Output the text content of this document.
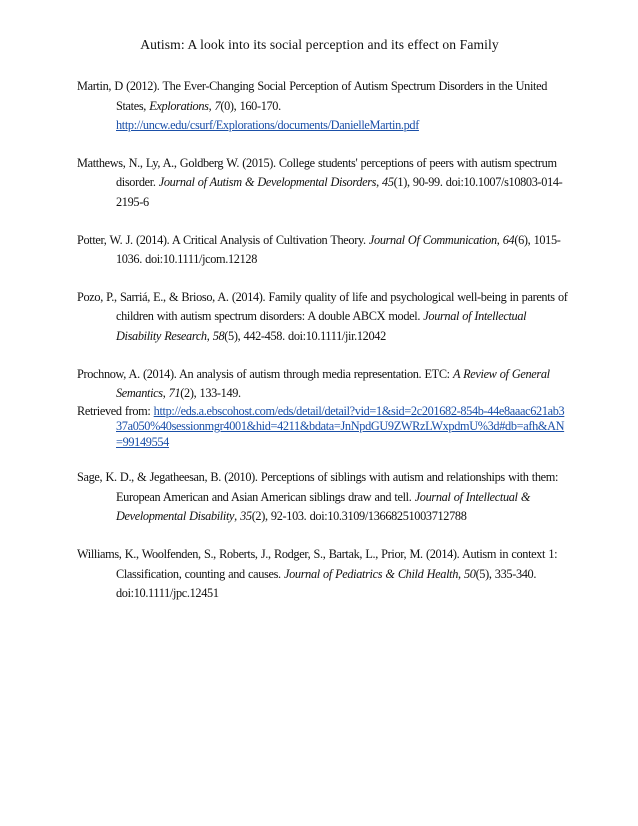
Autism: A look into its social perception and its effect on Family
Martin, D (2012). The Ever-Changing Social Perception of Autism Spectrum Disorders in the United States, Explorations, 7(0), 160-170.
http://uncw.edu/csurf/Explorations/documents/DanielleMartin.pdf
Matthews, N., Ly, A., Goldberg W. (2015). College students' perceptions of peers with autism spectrum disorder. Journal of Autism & Developmental Disorders, 45(1), 90-99. doi:10.1007/s10803-014-2195-6
Potter, W. J. (2014). A Critical Analysis of Cultivation Theory. Journal Of Communication, 64(6), 1015-1036. doi:10.1111/jcom.12128
Pozo, P., Sarriá, E., & Brioso, A. (2014). Family quality of life and psychological well‐being in parents of children with autism spectrum disorders: A double ABCX model. Journal of Intellectual Disability Research, 58(5), 442-458. doi:10.1111/jir.12042
Prochnow, A. (2014). An analysis of autism through media representation. ETC: A Review of General Semantics, 71(2), 133-149.
Retrieved from: http://eds.a.ebscohost.com/eds/detail/detail?vid=1&sid=2c201682-854b-44e8aaac621ab337a050%40sessionmgr4001&hid=4211&bdata=JnNpdGU9ZWRzLWxpdmU%3d#db=afh&AN=99149554
Sage, K. D., & Jegatheesan, B. (2010). Perceptions of siblings with autism and relationships with them: European American and Asian American siblings draw and tell. Journal of Intellectual & Developmental Disability, 35(2), 92-103. doi:10.3109/13668251003712788
Williams, K., Woolfenden, S., Roberts, J., Rodger, S., Bartak, L., Prior, M. (2014). Autism in context 1: Classification, counting and causes. Journal of Pediatrics & Child Health, 50(5), 335-340. doi:10.1111/jpc.12451
